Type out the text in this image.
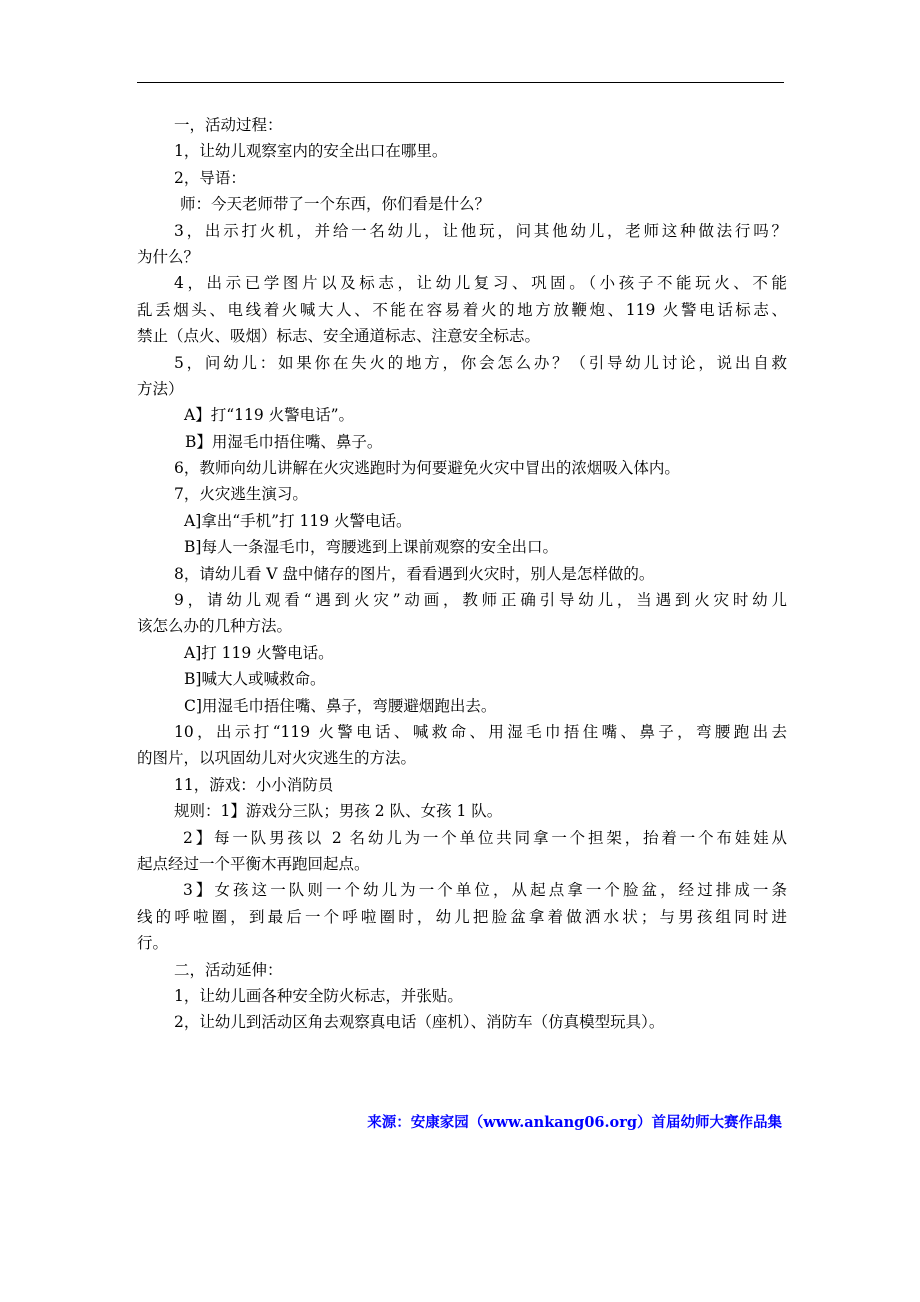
一，活动过程：
1，让幼儿观察室内的安全出口在哪里。
2，导语：
师：今天老师带了一个东西，你们看是什么？
3，出示打火机，并给一名幼儿，让他玩，问其他幼儿，老师这种做法行吗？
为什么？
4，出示已学图片以及标志，让幼儿复习、巩固。（小孩子不能玩火、不能
乱丢烟头、电线着火喊大人、不能在容易着火的地方放鞭炮、119 火警电话标志、
禁止（点火、吸烟）标志、安全通道标志、注意安全标志。
5，问幼儿：如果你在失火的地方，你会怎么办？（引导幼儿讨论，说出自救
方法）
A】打“119 火警电话”。
B】用湿毛巾捂住嘴、鼻子。
6，教师向幼儿讲解在火灾逃跑时为何要避免火灾中冒出的浓烟吸入体内。
7，火灾逃生演习。
A]拿出“手机”打 119 火警电话。
B]每人一条湿毛巾，弯腰逃到上课前观察的安全出口。
8，请幼儿看 V 盘中储存的图片，看看遇到火灾时，别人是怎样做的。
9，请幼儿观看“遇到火灾”动画，教师正确引导幼儿，当遇到火灾时幼儿
该怎么办的几种方法。
A]打 119 火警电话。
B]喊大人或喊救命。
C]用湿毛巾捂住嘴、鼻子，弯腰避烟跑出去。
10，出示打“119 火警电话、喊救命、用湿毛巾捂住嘴、鼻子，弯腰跑出去
的图片，以巩固幼儿对火灾逃生的方法。
11，游戏：小小消防员
规则：1】游戏分三队；男孩 2 队、女孩 1 队。
2】每一队男孩以 2 名幼儿为一个单位共同拿一个担架，抬着一个布娃娃从
起点经过一个平衡木再跑回起点。
3】女孩这一队则一个幼儿为一个单位，从起点拿一个脸盆，经过排成一条
线的呼啦圈，到最后一个呼啦圈时，幼儿把脸盆拿着做洒水状；与男孩组同时进
行。
二，活动延伸：
1，让幼儿画各种安全防火标志，并张贴。
2，让幼儿到活动区角去观察真电话（座机）、消防车（仿真模型玩具）。
来源：安康家园（www.ankang06.org）首届幼师大赛作品集
